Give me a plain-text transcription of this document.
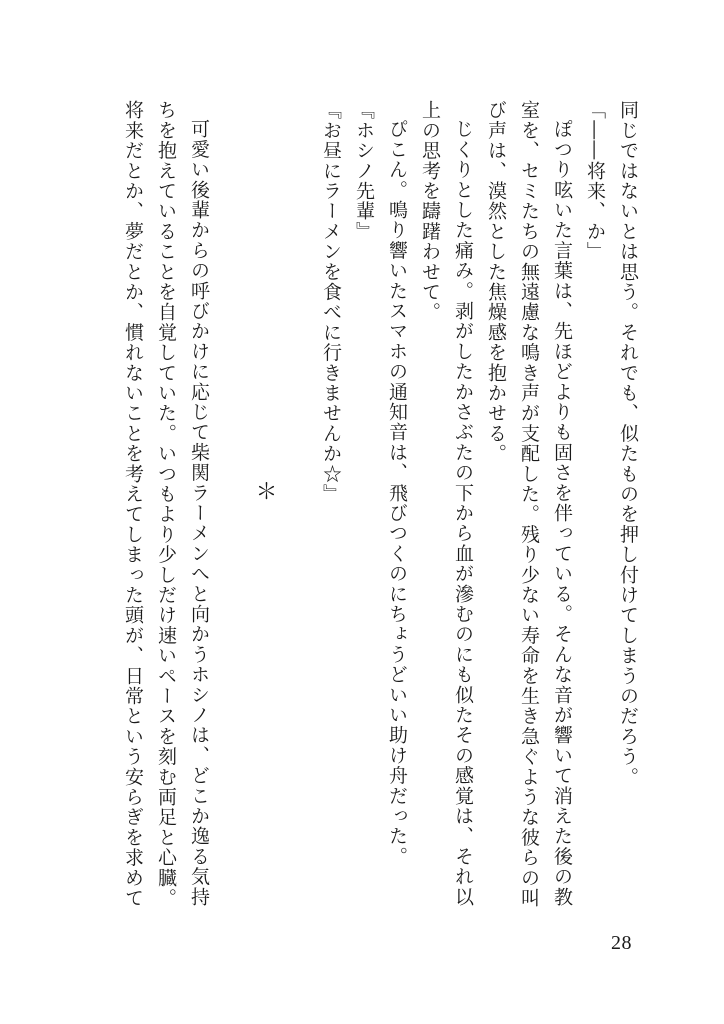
同じではないとは思う。それでも、似たものを押し付けてしまうのだろう。
「――将来、か」
ぽつり呟いた言葉は、先ほどよりも固さを伴っている。そんな音が響いて消えた後の教
室を、セミたちの無遠慮な鳴き声が支配した。残り少ない寿命を生き急ぐような彼らの叫
び声は、漠然とした焦燥感を抱かせる。
じくりとした痛み。剥がしたかさぶたの下から血が滲むのにも似たその感覚は、それ以
上の思考を躊躇わせて。
ぴこん。鳴り響いたスマホの通知音は、飛びつくのにちょうどいい助け舟だった。
『ホシノ先輩』
『お昼にラーメンを食べに行きませんか☆』
＊
可愛い後輩からの呼びかけに応じて柴関ラーメンへと向かうホシノは、どこか逸る気持
ちを抱えていることを自覚していた。いつもより少しだけ速いペースを刻む両足と心臓。
将来だとか、夢だとか、慣れないことを考えてしまった頭が、日常という安らぎを求めて
28
